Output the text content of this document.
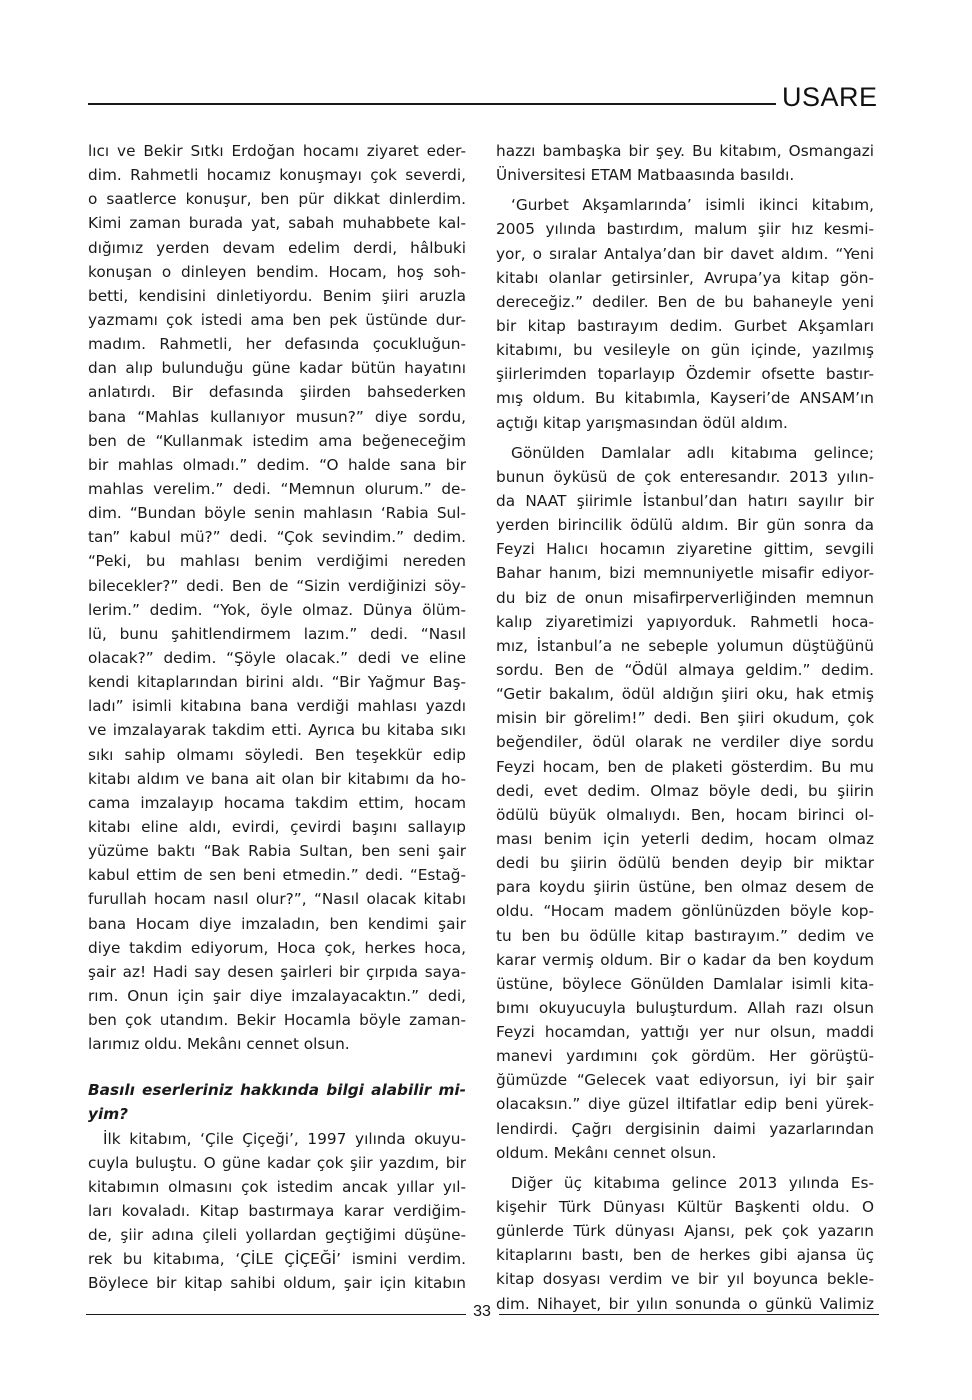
USARE
lıcı ve Bekir Sıtkı Erdoğan hocamı ziyaret eder-
dim. Rahmetli hocamız konuşmayı çok severdi,
o saatlerce konuşur, ben pür dikkat dinlerdim.
Kimi zaman burada yat, sabah muhabbete kal-
dığımız yerden devam edelim derdi, hâlbuki
konuşan o dinleyen bendim. Hocam, hoş soh-
betti, kendisini dinletiyordu. Benim şiiri aruzla
yazmamı çok istedi ama ben pek üstünde dur-
madım. Rahmetli, her defasında çocukluğun-
dan alıp bulunduğu güne kadar bütün hayatını
anlatırdı. Bir defasında şiirden bahsederken
bana “Mahlas kullanıyor musun?” diye sordu,
ben de “Kullanmak istedim ama beğeneceğim
bir mahlas olmadı.” dedim. “O halde sana bir
mahlas verelim.” dedi. “Memnun olurum.” de-
dim. “Bundan böyle senin mahlasın ‘Rabia Sul-
tan” kabul mü?” dedi. “Çok sevindim.” dedim.
“Peki, bu mahlası benim verdiğimi nereden
bilecekler?” dedi. Ben de “Sizin verdiğinizi söy-
lerim.” dedim. “Yok, öyle olmaz. Dünya ölüm-
lü, bunu şahitlendirmem lazım.” dedi. “Nasıl
olacak?” dedim. “Şöyle olacak.” dedi ve eline
kendi kitaplarından birini aldı. “Bir Yağmur Baş-
ladı” isimli kitabına bana verdiği mahlası yazdı
ve imzalayarak takdim etti. Ayrıca bu kitaba sıkı
sıkı sahip olmamı söyledi. Ben teşekkür edip
kitabı aldım ve bana ait olan bir kitabımı da ho-
cama imzalayıp hocama takdim ettim, hocam
kitabı eline aldı, evirdi, çevirdi başını sallayıp
yüzüme baktı “Bak Rabia Sultan, ben seni şair
kabul ettim de sen beni etmedin.” dedi. “Estağ-
furullah hocam nasıl olur?”, “Nasıl olacak kitabı
bana Hocam diye imzaladın, ben kendimi şair
diye takdim ediyorum, Hoca çok, herkes hoca,
şair az! Hadi say desen şairleri bir çırpıda saya-
rım. Onun için şair diye imzalayacaktın.” dedi,
ben çok utandım. Bekir Hocamla böyle zaman-
larımız oldu. Mekânı cennet olsun.
Basılı eserleriniz hakkında bilgi alabilir mi-
yim?
İlk kitabım, ‘Çile Çiçeği’, 1997 yılında okuyu-
cuyla buluştu. O güne kadar çok şiir yazdım, bir
kitabımın olmasını çok istedim ancak yıllar yıl-
ları kovaladı. Kitap bastırmaya karar verdiğim-
de, şiir adına çileli yollardan geçtiğimi düşüne-
rek bu kitabıma, ‘ÇİLE ÇİÇEĞİ’ ismini verdim.
Böylece bir kitap sahibi oldum, şair için kitabın
hazzı bambaşka bir şey. Bu kitabım, Osmangazi
Üniversitesi ETAM Matbaasında basıldı.
‘Gurbet Akşamlarında’ isimli ikinci kitabım,
2005 yılında bastırdım, malum şiir hız kesmi-
yor, o sıralar Antalya’dan bir davet aldım. “Yeni
kitabı olanlar getirsinler, Avrupa’ya kitap gön-
dereceğiz.” dediler. Ben de bu bahaneyle yeni
bir kitap bastırayım dedim. Gurbet Akşamları
kitabımı, bu vesileyle on gün içinde, yazılmış
şiirlerimden toparlayıp Özdemir ofsette bastır-
mış oldum. Bu kitabımla, Kayseri’de ANSAM’ın
açtığı kitap yarışmasından ödül aldım.
Gönülden Damlalar adlı kitabıma gelince;
bunun öyküsü de çok enteresandır. 2013 yılın-
da NAAT şiirimle İstanbul’dan hatırı sayılır bir
yerden birincilik ödülü aldım. Bir gün sonra da
Feyzi Halıcı hocamın ziyaretine gittim, sevgili
Bahar hanım, bizi memnuniyetle misafir ediyor-
du biz de onun misafirperverliğinden memnun
kalıp ziyaretimizi yapıyorduk. Rahmetli hoca-
mız, İstanbul’a ne sebeple yolumun düştüğünü
sordu. Ben de “Ödül almaya geldim.” dedim.
“Getir bakalım, ödül aldığın şiiri oku, hak etmiş
misin bir görelim!” dedi. Ben şiiri okudum, çok
beğendiler, ödül olarak ne verdiler diye sordu
Feyzi hocam, ben de plaketi gösterdim. Bu mu
dedi, evet dedim. Olmaz böyle dedi, bu şiirin
ödülü büyük olmalıydı. Ben, hocam birinci ol-
ması benim için yeterli dedim, hocam olmaz
dedi bu şiirin ödülü benden deyip bir miktar
para koydu şiirin üstüne, ben olmaz desem de
oldu. “Hocam madem gönlünüzden böyle kop-
tu ben bu ödülle kitap bastırayım.” dedim ve
karar vermiş oldum. Bir o kadar da ben koydum
üstüne, böylece Gönülden Damlalar isimli kita-
bımı okuyucuyla buluşturdum. Allah razı olsun
Feyzi hocamdan, yattığı yer nur olsun, maddi
manevi yardımını çok gördüm. Her görüştü-
ğümüzde “Gelecek vaat ediyorsun, iyi bir şair
olacaksın.” diye güzel iltifatlar edip beni yürek-
lendirdi. Çağrı dergisinin daimi yazarlarından
oldum. Mekânı cennet olsun.
Diğer üç kitabıma gelince 2013 yılında Es-
kişehir Türk Dünyası Kültür Başkenti oldu. O
günlerde Türk dünyası Ajansı, pek çok yazarın
kitaplarını bastı, ben de herkes gibi ajansa üç
kitap dosyası verdim ve bir yıl boyunca bekle-
dim. Nihayet, bir yılın sonunda o günkü Valimiz
33
